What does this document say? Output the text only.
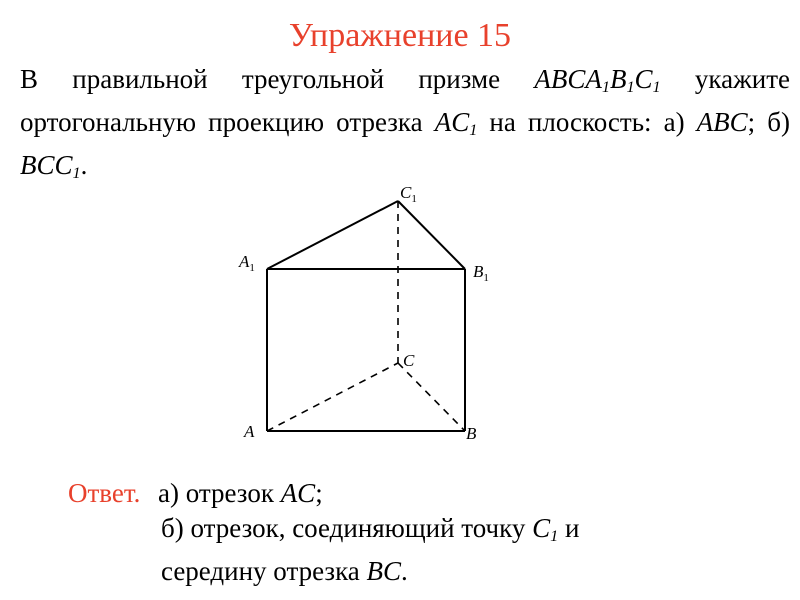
Упражнение 15
В правильной треугольной призме $ABCA_1B_1C_1$ укажите ортогональную проекцию отрезка $AC_1$ на плоскость: а) ABC; б) $BCC_1$.
$C_1$
$A_1$	$B_1$
C
A	B
Ответ. а) отрезок AC;
б) отрезок, соединяющий точку $C_1$ и
середину отрезка BC.
